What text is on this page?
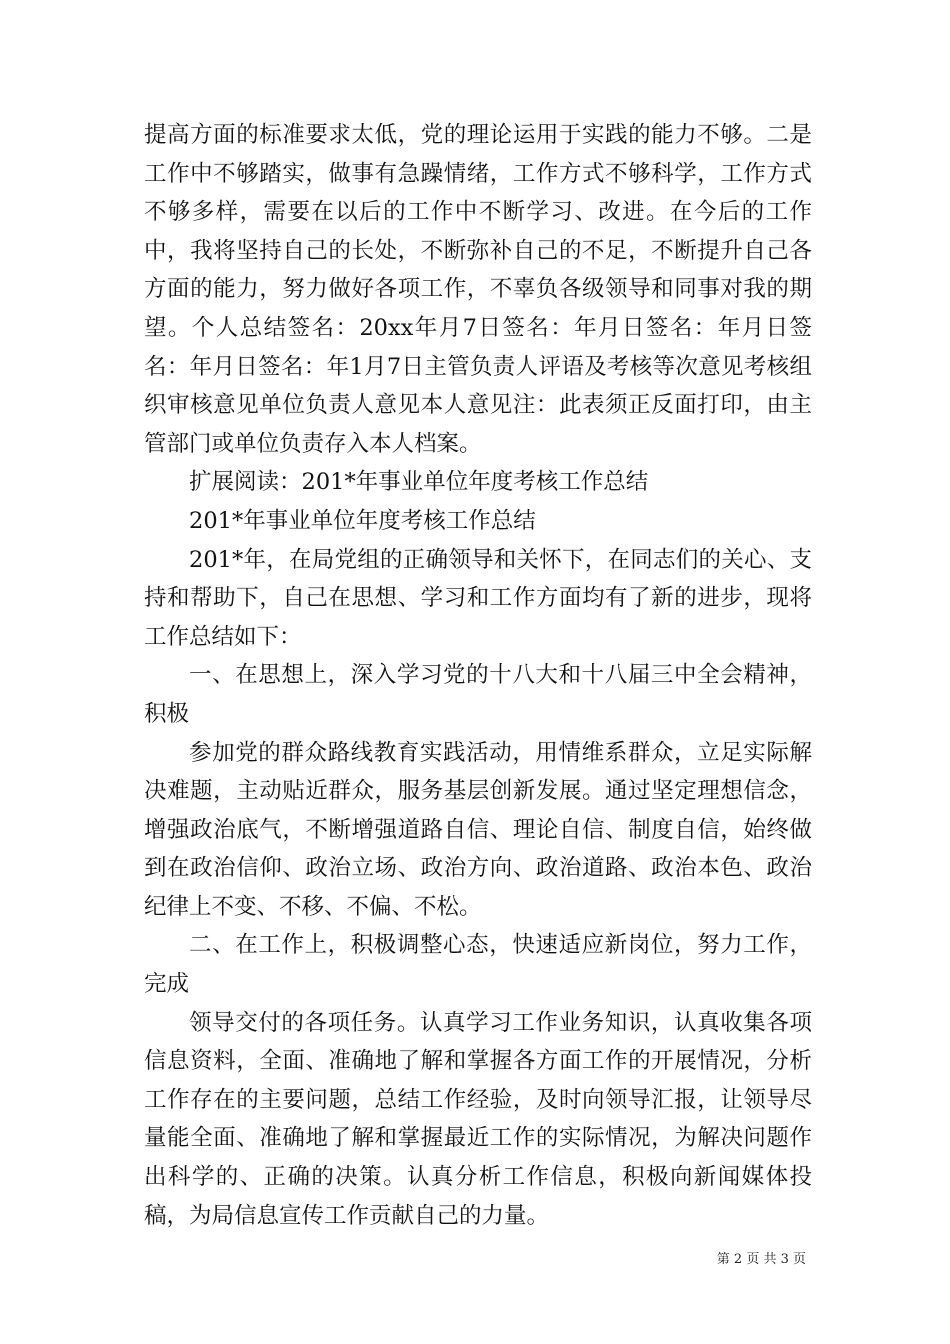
提高方面的标准要求太低，党的理论运用于实践的能力不够。二是工作中不够踏实，做事有急躁情绪，工作方式不够科学，工作方式不够多样，需要在以后的工作中不断学习、改进。在今后的工作中，我将坚持自己的长处，不断弥补自己的不足，不断提升自己各方面的能力，努力做好各项工作，不辜负各级领导和同事对我的期望。个人总结签名：20xx年月7日签名：年月日签名：年月日签名：年月日签名：年1月7日主管负责人评语及考核等次意见考核组织审核意见单位负责人意见本人意见注：此表须正反面打印，由主管部门或单位负责存入本人档案。

扩展阅读：201*年事业单位年度考核工作总结

201*年事业单位年度考核工作总结

201*年，在局党组的正确领导和关怀下，在同志们的关心、支持和帮助下，自己在思想、学习和工作方面均有了新的进步，现将工作总结如下：

一、在思想上，深入学习党的十八大和十八届三中全会精神，积极

参加党的群众路线教育实践活动，用情维系群众，立足实际解决难题，主动贴近群众，服务基层创新发展。通过坚定理想信念，增强政治底气，不断增强道路自信、理论自信、制度自信，始终做到在政治信仰、政治立场、政治方向、政治道路、政治本色、政治纪律上不变、不移、不偏、不松。

二、在工作上，积极调整心态，快速适应新岗位，努力工作，完成

领导交付的各项任务。认真学习工作业务知识，认真收集各项信息资料，全面、准确地了解和掌握各方面工作的开展情况，分析工作存在的主要问题，总结工作经验，及时向领导汇报，让领导尽量能全面、准确地了解和掌握最近工作的实际情况，为解决问题作出科学的、正确的决策。认真分析工作信息，积极向新闻媒体投稿，为局信息宣传工作贡献自己的力量。

第 2 页 共 3 页
